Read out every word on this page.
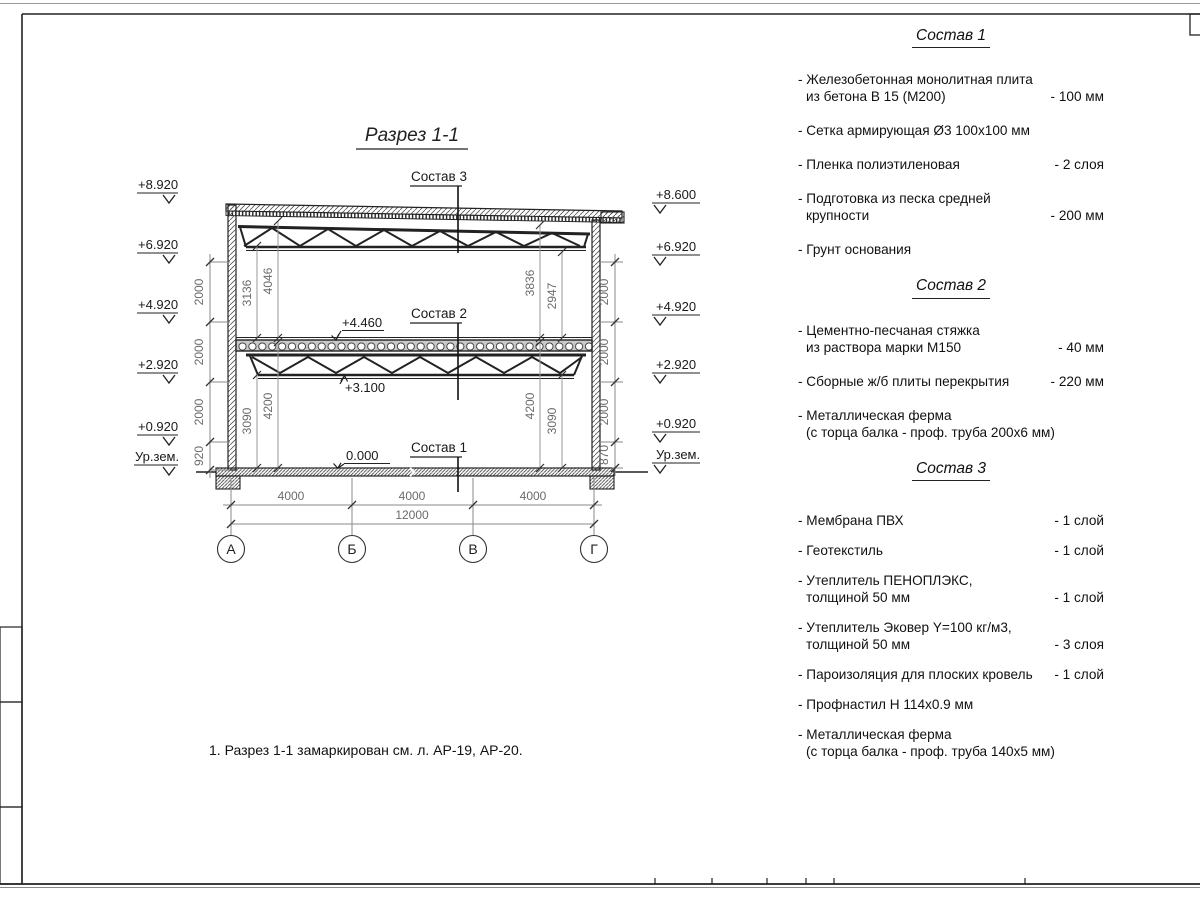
Разрез 1-1
Состав 3
Состав 2
Состав 1
+4.460
+3.100
0.000
+8.920
+6.920
+4.920
+2.920
+0.920
Ур.зем.
+8.600
+6.920
+4.920
+2.920
+0.920
Ур.зем.
2000
2000
2000
920
2000
2000
2000
870
3136 4046
3090
4200
3836 2947
4200
3090
4000	4000	4000
12000
А	Б	В	Г
Состав 1
- Железобетонная монолитная плита
из бетона В 15 (М200)	- 100 мм
- Сетка армирующая Ø3 100х100 мм
- Пленка полиэтиленовая	- 2 слоя
- Подготовка из песка средней
крупности	- 200 мм
- Грунт основания
Состав 2
- Цементно-песчаная стяжка
из раствора марки М150	- 40 мм
- Сборные ж/б плиты перекрытия	- 220 мм
- Металлическая ферма
(с торца балка - проф. труба 200х6 мм)
Состав 3
- Мембрана ПВХ	- 1 слой
- Геотекстиль	- 1 слой
- Утеплитель ПЕНОПЛЭКС,
толщиной 50 мм	- 1 слой
- Утеплитель Эковер Y=100 кг/м3,
толщиной 50 мм	- 3 слоя
- Пароизоляция для плоских кровель	- 1 слой
- Профнастил Н 114х0.9 мм
- Металлическая ферма
(с торца балка - проф. труба 140х5 мм)
1. Разрез 1-1 замаркирован см. л. АР-19, АР-20.
